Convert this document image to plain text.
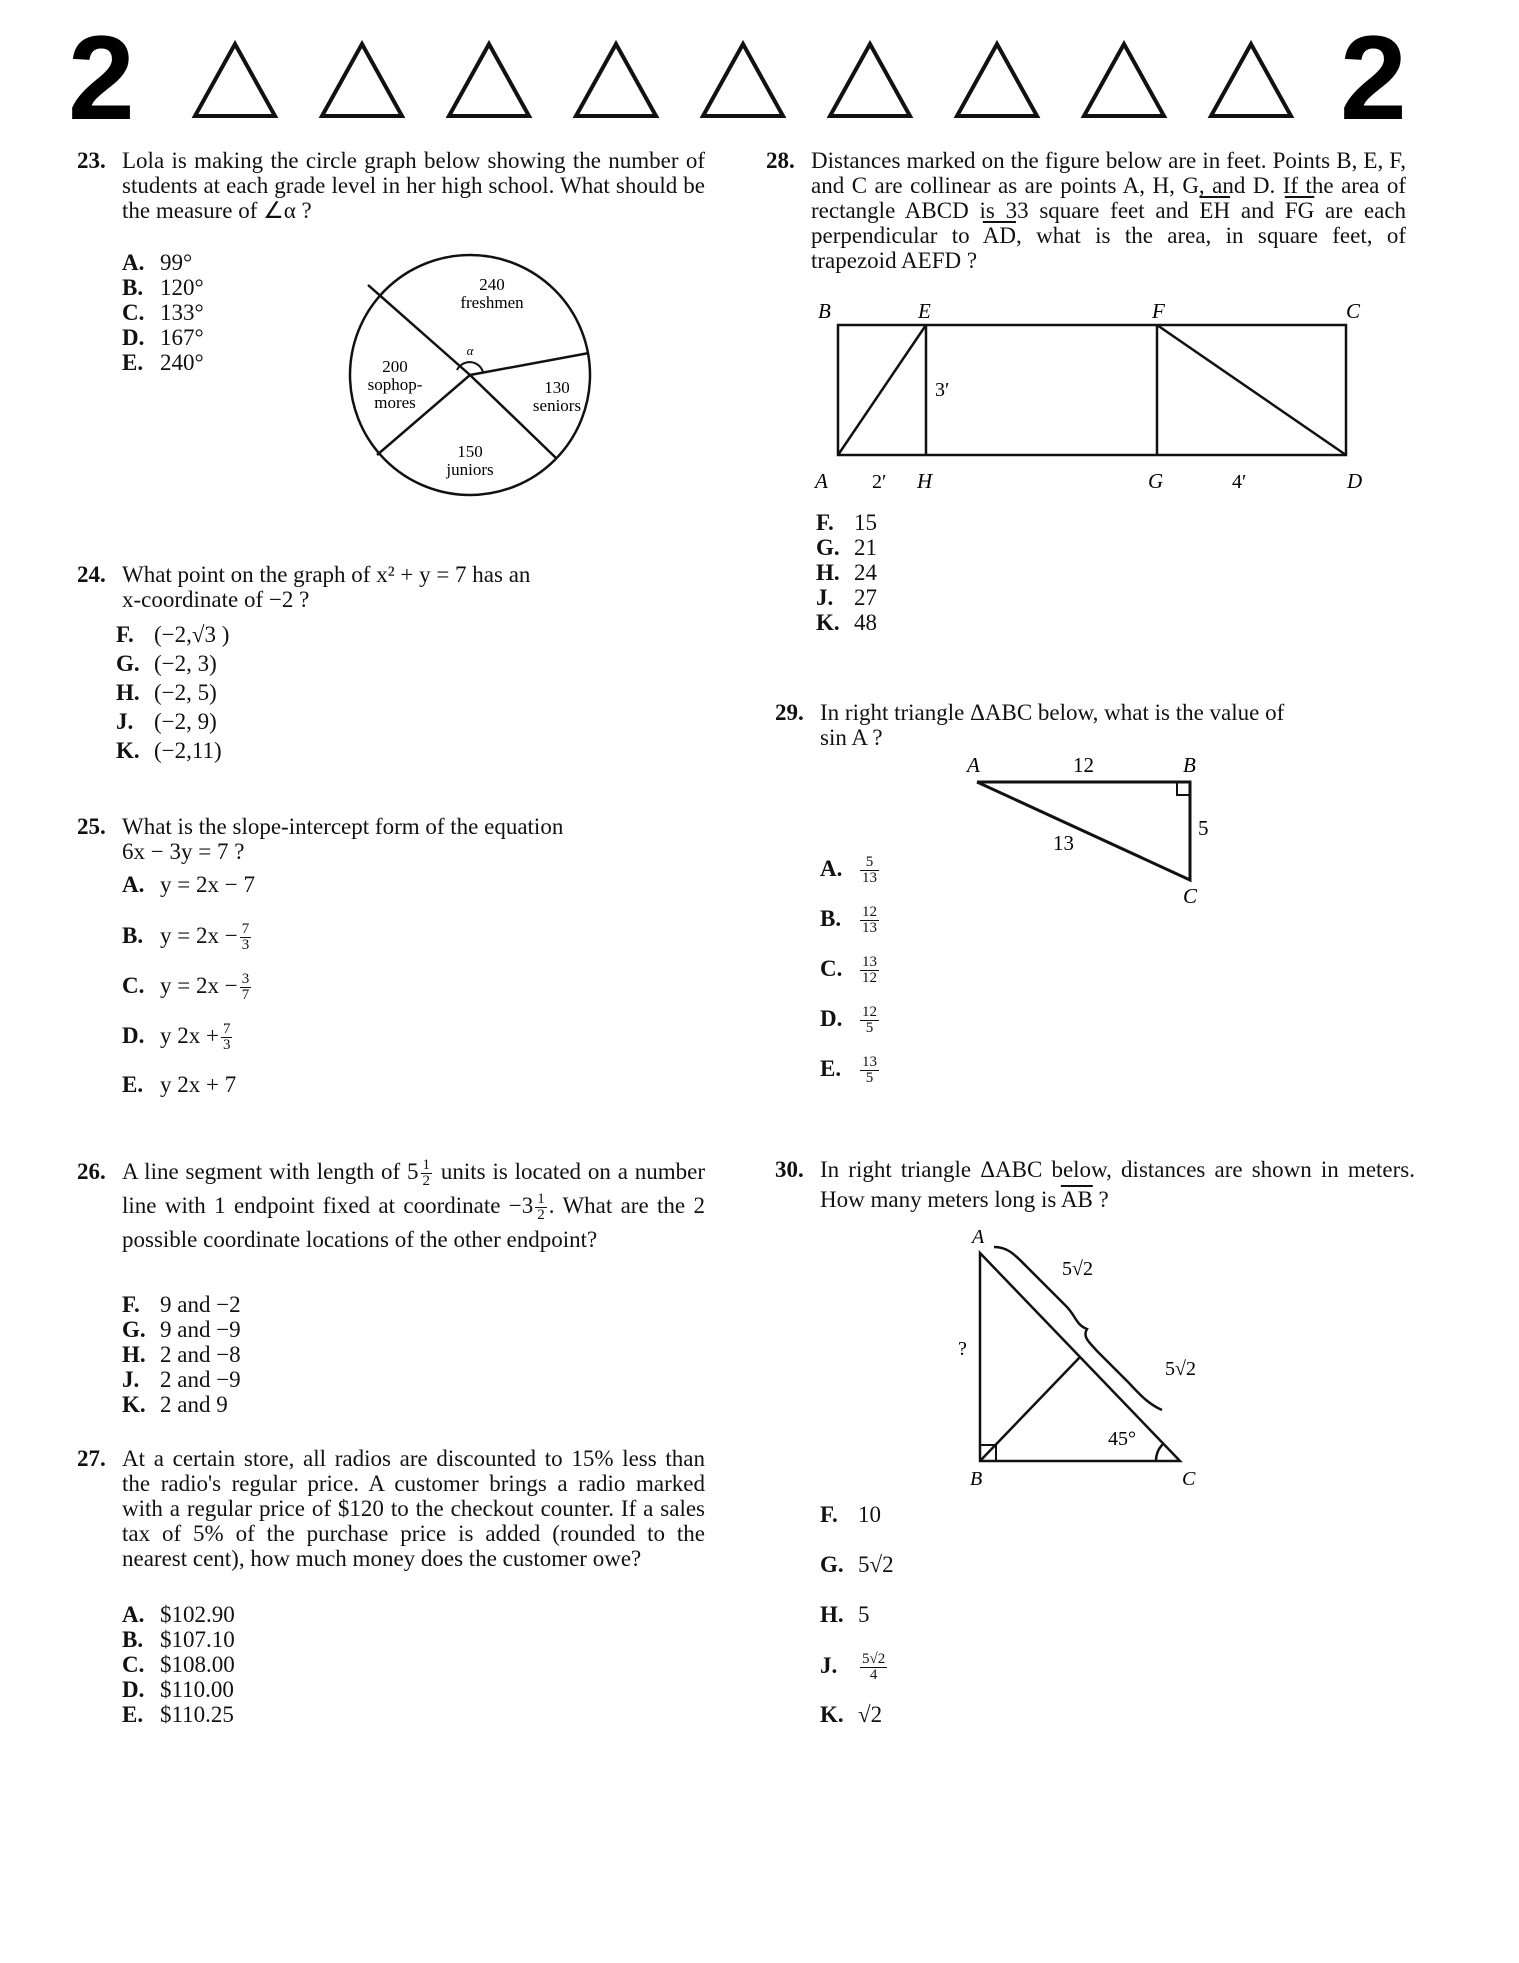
2	2
23. Lola is making the circle graph below showing the number of students at each grade level in her high school. What should be the measure of ∠α ?
A. 99°
B. 120°
C. 133°
D. 167°
E. 240°	α
240
freshmen
200
sophop-
mores
130
seniors
150
juniors
24. What point on the graph of x² + y = 7 has an
x-coordinate of −2 ?
F. (−2,√3 )
G. (−2, 3)
H. (−2, 5)
J. (−2, 9)
K. (−2,11)
25. What is the slope-intercept form of the equation
6x − 3y = 7 ?
A. y = 2x − 7
B. $y = 2x - \frac{7}{3}$
C. $y = 2x - \frac{3}{7}$
D. y $2x + \frac{7}{3}$
E. y 2x + 7
26. A line segment with length of $5 \frac{1}{2}$ units is located on a number line with 1 endpoint fixed at coordinate $-3 \frac{1}{2}$ . What are the 2 possible coordinate locations of the other endpoint?
F. 9 and −2
G. 9 and −9
H. 2 and −8
J. 2 and −9
K. 2 and 9
27. At a certain store, all radios are discounted to 15% less than the radio's regular price. A customer brings a radio marked with a regular price of $120 to the checkout counter. If a sales tax of 5% of the purchase price is added (rounded to the nearest cent), how much money does the customer owe?
A. $102.90
B. $107.10
C. $108.00
D. $110.00
E. $110.25
28. Distances marked on the figure below are in feet. Points B, E, F, and C are collinear as are points A, H, G, and D. If the area of rectangle ABCD is 33 square feet and $\overline{EH}$ and $\overline{FG}$ are each perpendicular to $\overline{AD}$, what is the area, in square feet, of trapezoid AEFD ?
B	E	F	C
A	H	G	D
2′
3′
4′
F. 15
G. 21
H. 24
J. 27
K. 48
29. In right triangle ΔABC below, what is the value of
sin A ?
A	B
C
12
5
13
A. $\frac{5}{13}$
B. $\frac{12}{13}$
C. $\frac{13}{12}$
D. $\frac{12}{5}$
E. $\frac{13}{5}$
30. In right triangle ΔABC below, distances are shown in meters. How many meters long is $\overline{AB}$ ?
A
B	C
?
5√2
5√2
45°
F. 10
G. 5√2
H. 5
J. $\frac{5√2}{4}$
K. √2
